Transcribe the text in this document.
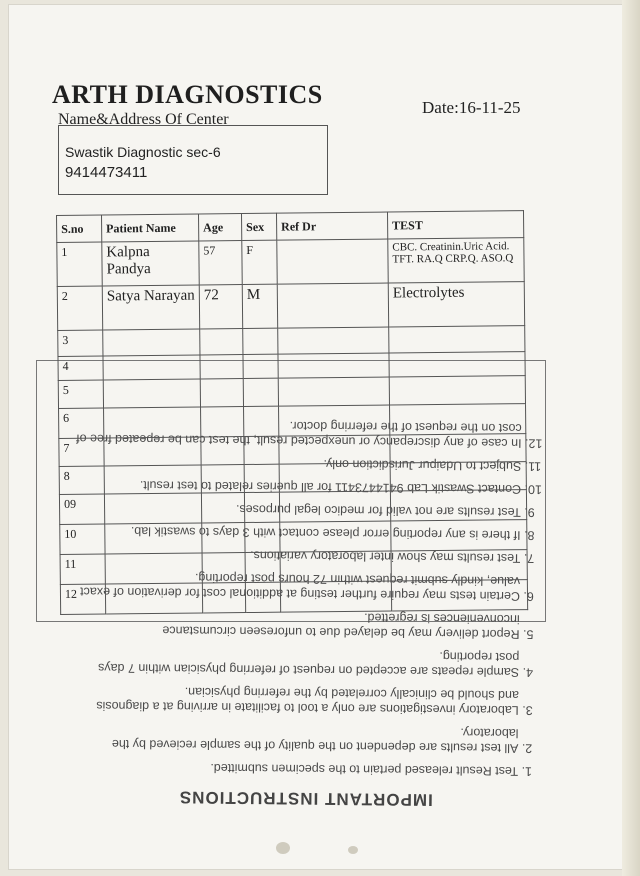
ARTH DIAGNOSTICS
Name&Address Of Center
Date:16-11-25
Swastik Diagnostic sec-6
9414473411
IMPORTANT INSTRUCTIONS
1. Test Result released pertain to the specimen submitted.
2. All test results are dependent on the quality of the sample recieved by the laboratory.
3. Laboratory investigations are only a tool to facilitate in arriving at a diagnosis and should be clinically correlated by the referring physician.
4. Sample repeats are accepted on request of referring physician within 7 days post reporting.
5. Report delivery may be delayed due to unforeseen circumstance inconveniences is regretted.
6. Certain tests may require further testing at additional cost for derivation of exact value, kindly submit request within 72 hours post reporting.
7. Test results may show inter laboratory variations.
8. If there is any reporting error please contact with 3 days to swastik lab.
9. Test results are not valid for medico legal purposes.
10. Contact Swastik Lab 9414473411 for all queries related to test result.
11. Subject to Udaipur Jurisdiction only.
12. In case of any discrepancy or unexpected result, the test can be repeated free of cost on the request of the referring doctor.
S.no	Patient Name	Age	Sex	Ref Dr	TEST
1	Kalpna Pandya	57	F		CBC. Creatinin.Uric Acid. TFT. RA.Q CRP.Q. ASO.Q
2	Satya Narayan	72	M		Electrolytes
3					
4					
5					
6					
7					
8					
09					
10					
11					
12					
